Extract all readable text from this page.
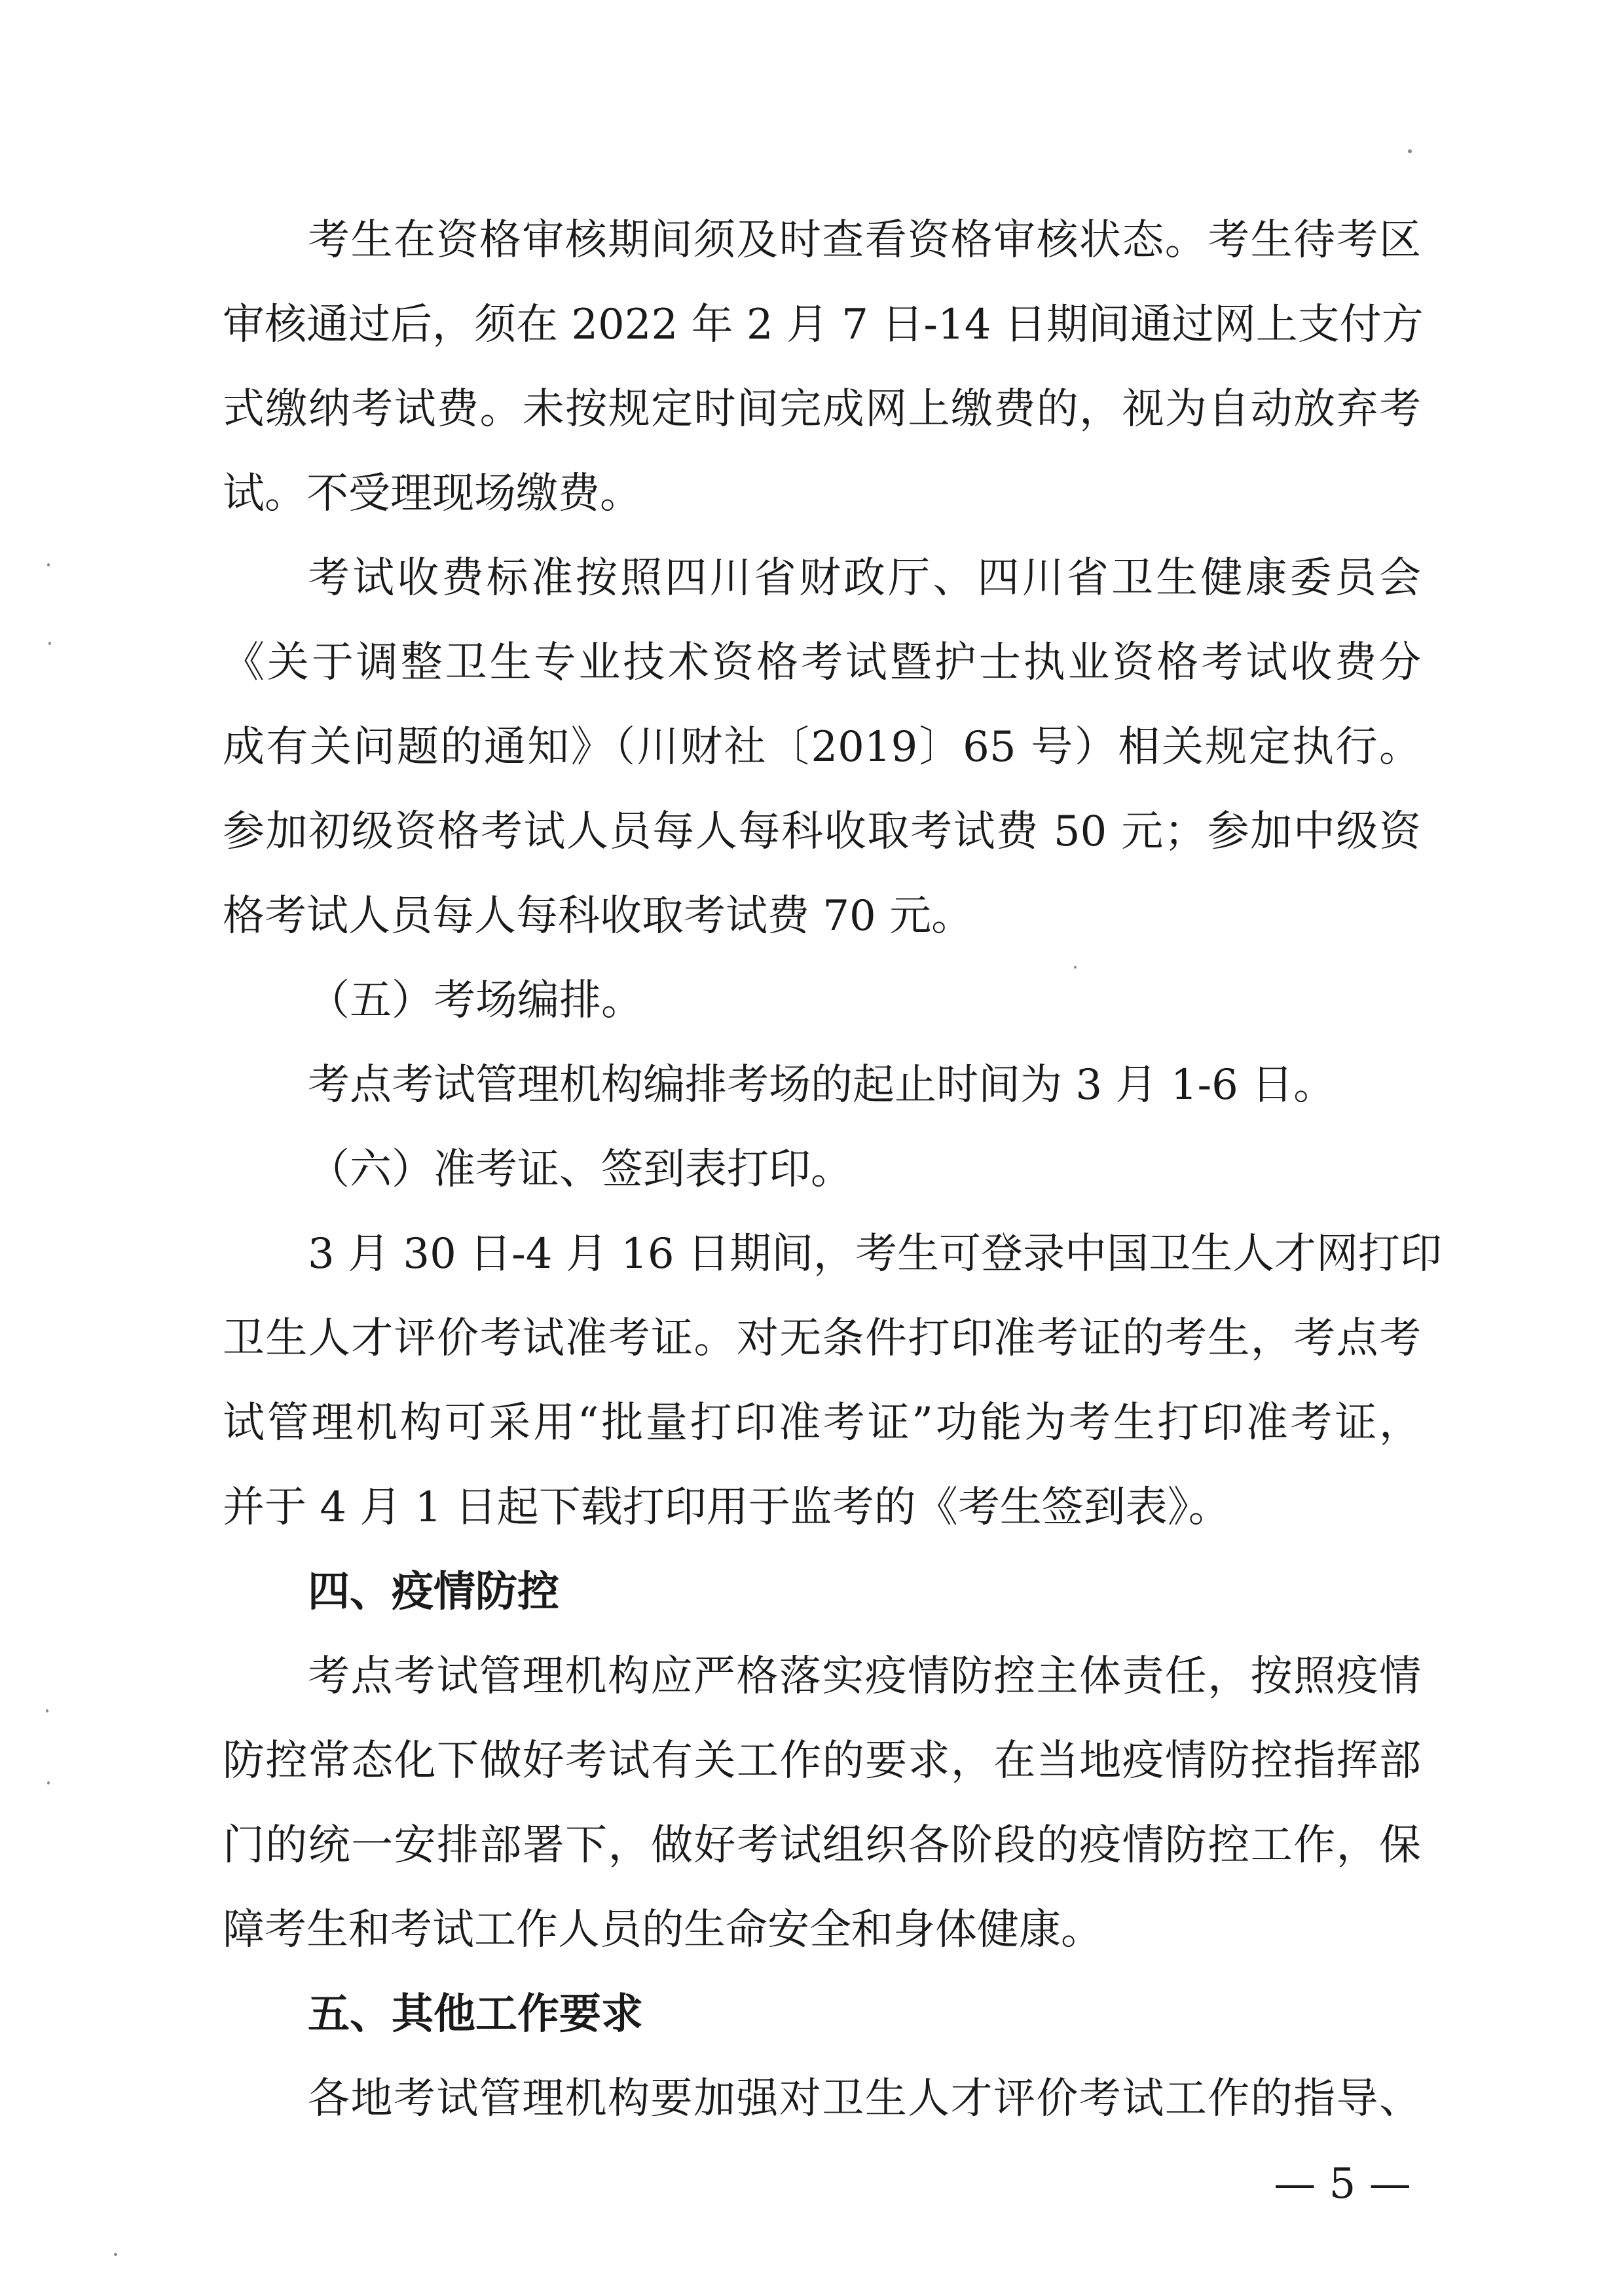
考生在资格审核期间须及时查看资格审核状态。考生待考区
审核通过后，须在 2022 年 2 月 7 日-14 日期间通过网上支付方
式缴纳考试费。未按规定时间完成网上缴费的，视为自动放弃考
试。不受理现场缴费。
考试收费标准按照四川省财政厅、四川省卫生健康委员会
《关于调整卫生专业技术资格考试暨护士执业资格考试收费分
成有关问题的通知》（川财社〔2019〕65 号）相关规定执行。
参加初级资格考试人员每人每科收取考试费 50 元；参加中级资
格考试人员每人每科收取考试费 70 元。
（五）考场编排。
考点考试管理机构编排考场的起止时间为 3 月 1-6 日。
（六）准考证、签到表打印。
3 月 30 日-4 月 16 日期间，考生可登录中国卫生人才网打印
卫生人才评价考试准考证。对无条件打印准考证的考生，考点考
试管理机构可采用“批量打印准考证”功能为考生打印准考证，
并于 4 月 1 日起下载打印用于监考的《考生签到表》。
四、疫情防控
考点考试管理机构应严格落实疫情防控主体责任，按照疫情
防控常态化下做好考试有关工作的要求，在当地疫情防控指挥部
门的统一安排部署下，做好考试组织各阶段的疫情防控工作，保
障考生和考试工作人员的生命安全和身体健康。
五、其他工作要求
各地考试管理机构要加强对卫生人才评价考试工作的指导、
— 5 —
